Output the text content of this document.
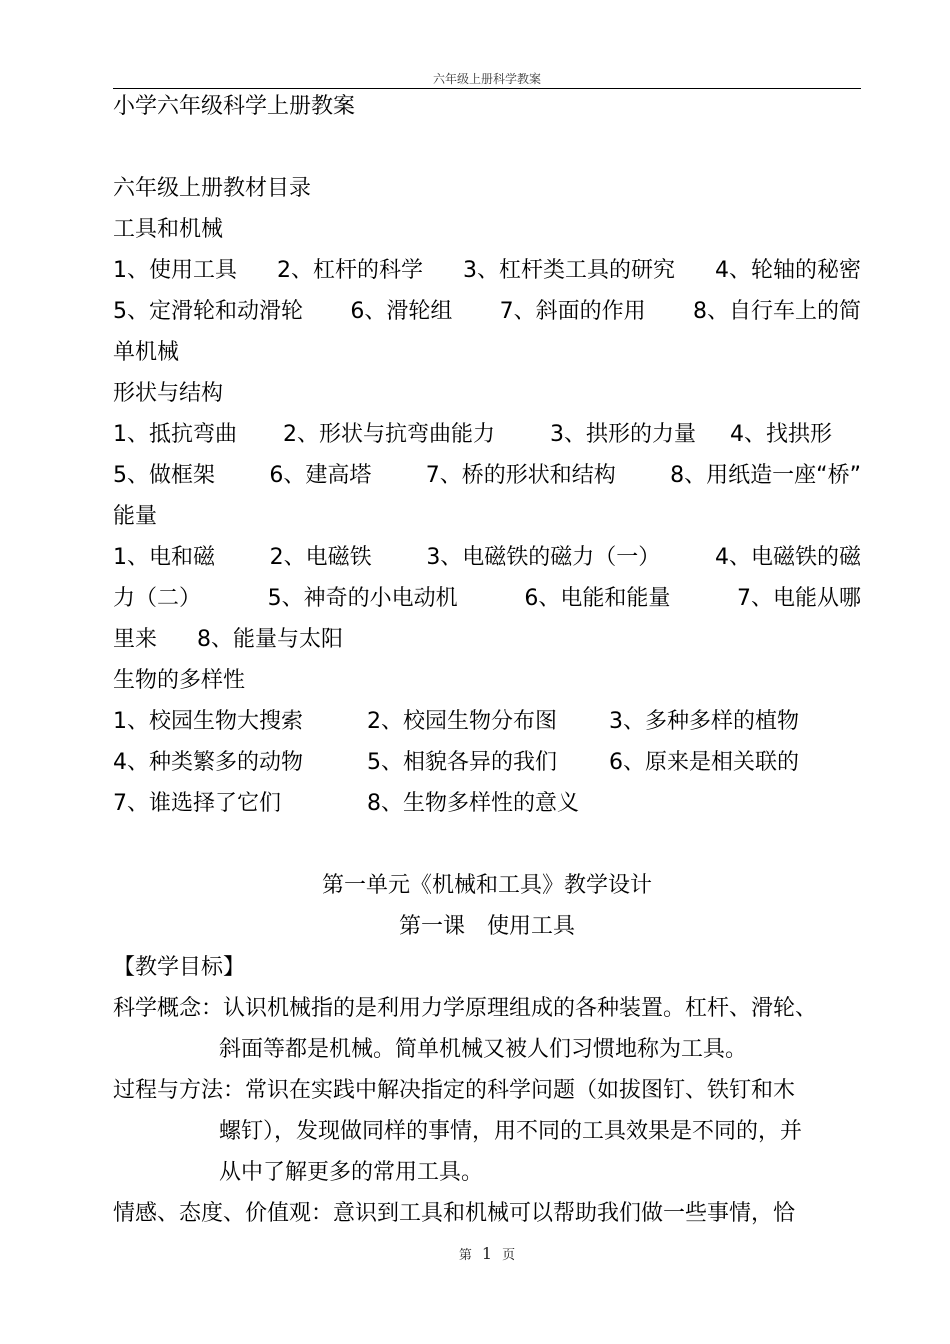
六年级上册科学教案
小学六年级科学上册教案
六年级上册教材目录
工具和机械
1、使用工具 2、杠杆的科学 3、杠杆类工具的研究 4、轮轴的秘密
5、定滑轮和动滑轮 6、滑轮组 7、斜面的作用 8、自行车上的简
单机械
形状与结构
1、抵抗弯曲	2、形状与抗弯曲能力	3、拱形的力量	4、找拱形
5、做框架 6、建高塔 7、桥的形状和结构 8、用纸造一座“桥”
能量
1、电和磁 2、电磁铁 3、电磁铁的磁力（一） 4、电磁铁的磁
力（二）	5、神奇的小电动机	6、电能和能量	7、电能从哪
里来	8、能量与太阳
生物的多样性
1、校园生物大搜索	2、校园生物分布图	3、多种多样的植物
4、种类繁多的动物	5、相貌各异的我们	6、原来是相关联的
7、谁选择了它们	8、生物多样性的意义
第一单元《机械和工具》教学设计
第一课　使用工具
【教学目标】
科学概念：认识机械指的是利用力学原理组成的各种装置。杠杆、滑轮、
斜面等都是机械。简单机械又被人们习惯地称为工具。
过程与方法：常识在实践中解决指定的科学问题（如拔图钉、铁钉和木
螺钉），发现做同样的事情，用不同的工具效果是不同的，并
从中了解更多的常用工具。
情感、态度、价值观：意识到工具和机械可以帮助我们做一些事情，恰
第 1 页
